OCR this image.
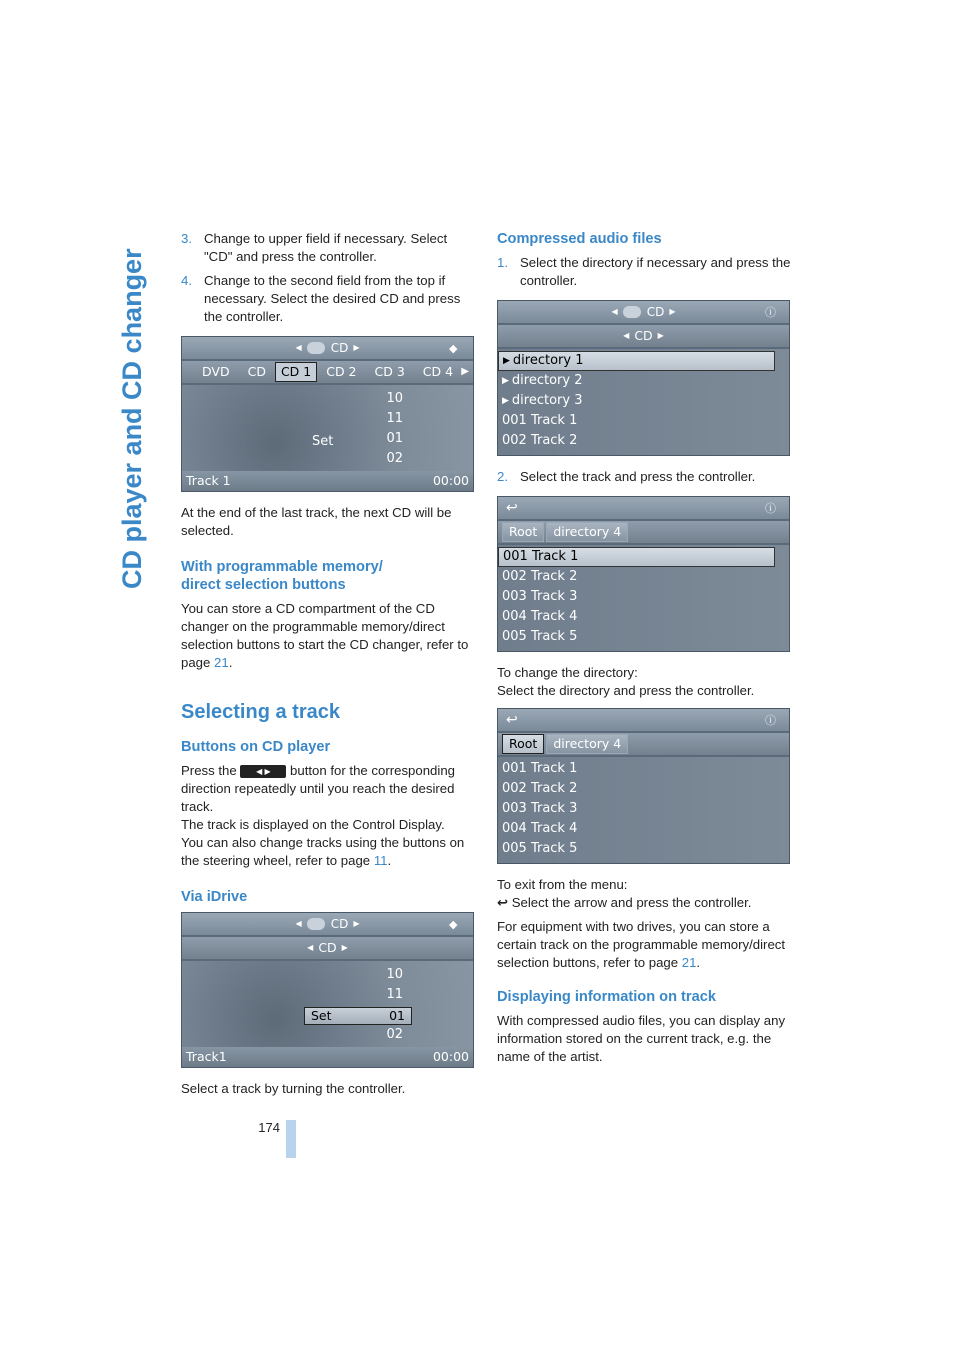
CD player and CD changer
3. Change to upper field if necessary. Select "CD" and press the controller.
4. Change to the second field from the top if necessary. Select the desired CD and press the controller.
◀ CD ▶	◆
DVD	CD	CD 1	CD 2	CD 3	CD 4 ▶
10
11
01
02
Set
Track 1	00:00

At the end of the last track, the next CD will be selected.

With programmable memory/
direct selection buttons

You can store a CD compartment of the CD changer on the programmable memory/direct selection buttons to start the CD changer, refer to page 21.

Selecting a track
Buttons on CD player

Press the ◀ ▶ button for the corresponding direction repeatedly until you reach the desired track.

The track is displayed on the Control Display.

You can also change tracks using the buttons on the steering wheel, refer to page 11.

Via iDrive
◀ CD ▶	◆
◀ CD ▶
10
11
02
Set	01
Track1	00:00

Select a track by turning the controller.

Compressed audio files
1. Select the directory if necessary and press the controller.
◀ CD ▶	ⓘ
◀ CD ▶
▶ directory 1
▶ directory 2
▶ directory 3
001 Track 1
002 Track 2
2. Select the track and press the controller.
↩	ⓘ
Root	directory 4
001 Track 1
002 Track 2
003 Track 3
004 Track 4
005 Track 5

To change the directory:

Select the directory and press the controller.

↩	ⓘ
Root	directory 4
001 Track 1
002 Track 2
003 Track 3
004 Track 4
005 Track 5

To exit from the menu:

↩ Select the arrow and press the controller.

For equipment with two drives, you can store a certain track on the programmable memory/direct selection buttons, refer to page 21.

Displaying information on track

With compressed audio files, you can display any information stored on the current track, e.g. the name of the artist.

174
